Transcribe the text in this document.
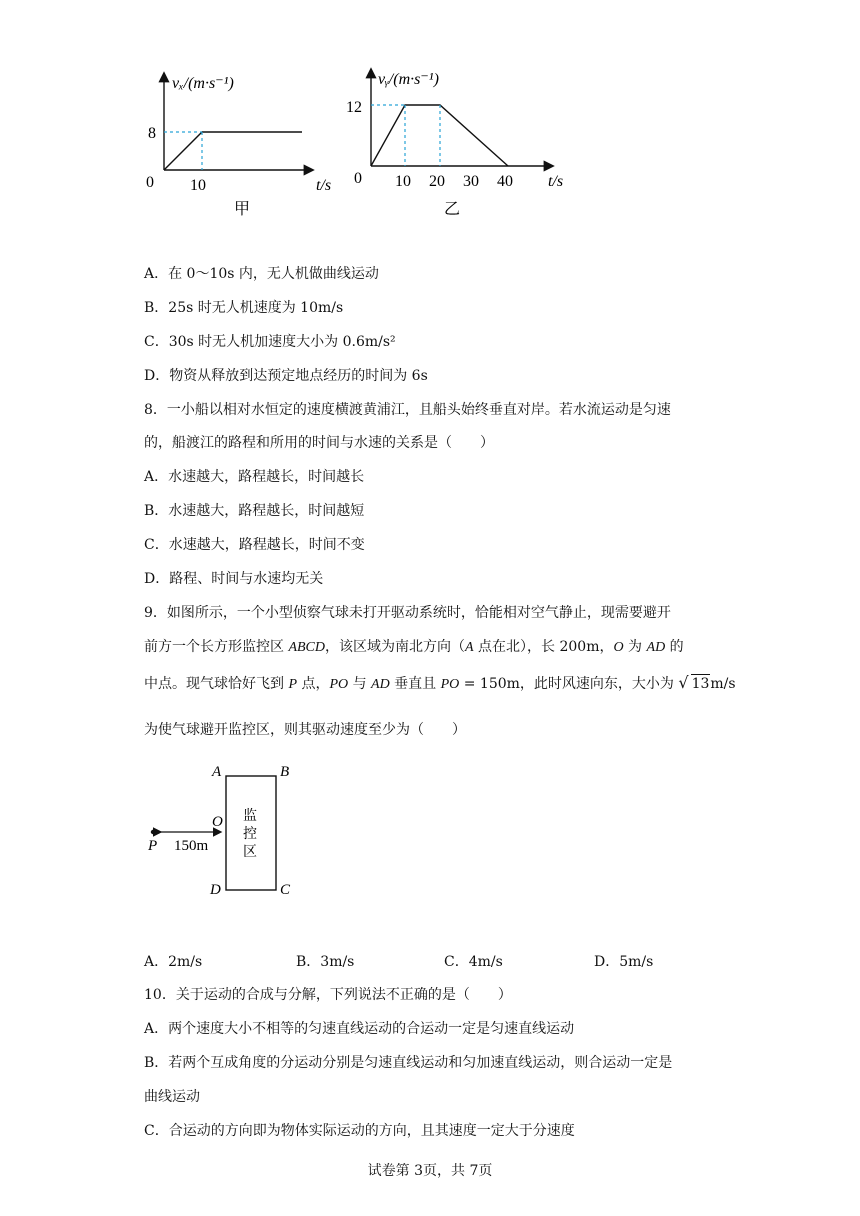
vₓ/(m·s⁻¹)
8
0 10	t/s
甲
vᵧ/(m·s⁻¹)
12
0 10 20 30 40 t/s
乙
A．在 0～10s 内，无人机做曲线运动
B．25s 时无人机速度为 10m/s
C．30s 时无人机加速度大小为 0.6m/s²
D．物资从释放到达预定地点经历的时间为 6s
8．一小船以相对水恒定的速度横渡黄浦江，且船头始终垂直对岸。若水流运动是匀速
的，船渡江的路程和所用的时间与水速的关系是（　　）
A．水速越大，路程越长，时间越长
B．水速越大，路程越长，时间越短
C．水速越大，路程越长，时间不变
D．路程、时间与水速均无关
9．如图所示，一个小型侦察气球未打开驱动系统时，恰能相对空气静止，现需要避开
前方一个长方形监控区 ABCD，该区域为南北方向（A 点在北），长 200m，O 为 AD 的
中点。现气球恰好飞到 P 点，PO 与 AD 垂直且 PO = 150m，此时风速向东，大小为 √ 13m/s
为使气球避开监控区，则其驱动速度至少为（　　）
A	B
C
D
O
P 150m
监
控
区
A．2m/s	B．3m/s	C．4m/s	D．5m/s
10．关于运动的合成与分解，下列说法不正确的是（　　）
A．两个速度大小不相等的匀速直线运动的合运动一定是匀速直线运动
B．若两个互成角度的分运动分别是匀速直线运动和匀加速直线运动，则合运动一定是
曲线运动
C．合运动的方向即为物体实际运动的方向，且其速度一定大于分速度
试卷第 3页，共 7页
